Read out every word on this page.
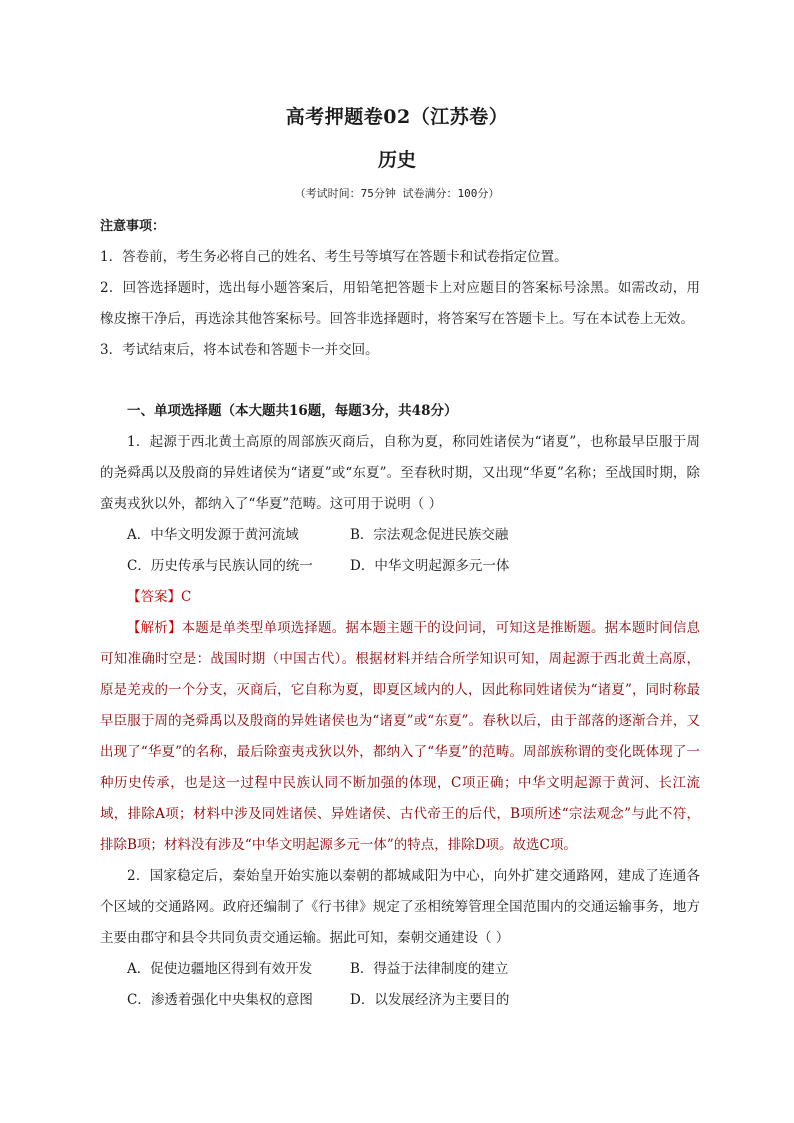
高考押题卷02（江苏卷）
历史
（考试时间：75分钟 试卷满分：100分）
注意事项：

1．答卷前，考生务必将自己的姓名、考生号等填写在答题卡和试卷指定位置。

2．回答选择题时，选出每小题答案后，用铅笔把答题卡上对应题目的答案标号涂黑。如需改动，用橡皮擦干净后，再选涂其他答案标号。回答非选择题时，将答案写在答题卡上。写在本试卷上无效。

3．考试结束后，将本试卷和答题卡一并交回。

一、单项选择题（本大题共16题，每题3分，共48分）

1．起源于西北黄土高原的周部族灭商后，自称为夏，称同姓诸侯为“诸夏”，也称最早臣服于周的尧舜禹以及殷商的异姓诸侯为“诸夏”或“东夏”。至春秋时期，又出现“华夏”名称；至战国时期，除蛮夷戎狄以外，都纳入了“华夏”范畴。这可用于说明（ ）

A．中华文明发源于黄河流域	B．宗法观念促进民族交融
C．历史传承与民族认同的统一	D．中华文明起源多元一体

【答案】C

【解析】本题是单类型单项选择题。据本题主题干的设问词，可知这是推断题。据本题时间信息可知准确时空是：战国时期（中国古代）。根据材料并结合所学知识可知，周起源于西北黄土高原，原是羌戎的一个分支，灭商后，它自称为夏，即夏区域内的人，因此称同姓诸侯为“诸夏”，同时称最早臣服于周的尧舜禹以及殷商的异姓诸侯也为“诸夏”或“东夏”。春秋以后，由于部落的逐渐合并，又出现了“华夏”的名称，最后除蛮夷戎狄以外，都纳入了“华夏”的范畴。周部族称谓的变化既体现了一种历史传承，也是这一过程中民族认同不断加强的体现，C项正确；中华文明起源于黄河、长江流域，排除A项；材料中涉及同姓诸侯、异姓诸侯、古代帝王的后代，B项所述“宗法观念”与此不符，排除B项；材料没有涉及“中华文明起源多元一体”的特点，排除D项。故选C项。

2．国家稳定后，秦始皇开始实施以秦朝的都城咸阳为中心，向外扩建交通路网，建成了连通各个区域的交通路网。政府还编制了《行书律》规定了丞相统筹管理全国范围内的交通运输事务，地方主要由郡守和县令共同负责交通运输。据此可知，秦朝交通建设（ ）

A．促使边疆地区得到有效开发	B．得益于法律制度的建立
C．渗透着强化中央集权的意图	D．以发展经济为主要目的
